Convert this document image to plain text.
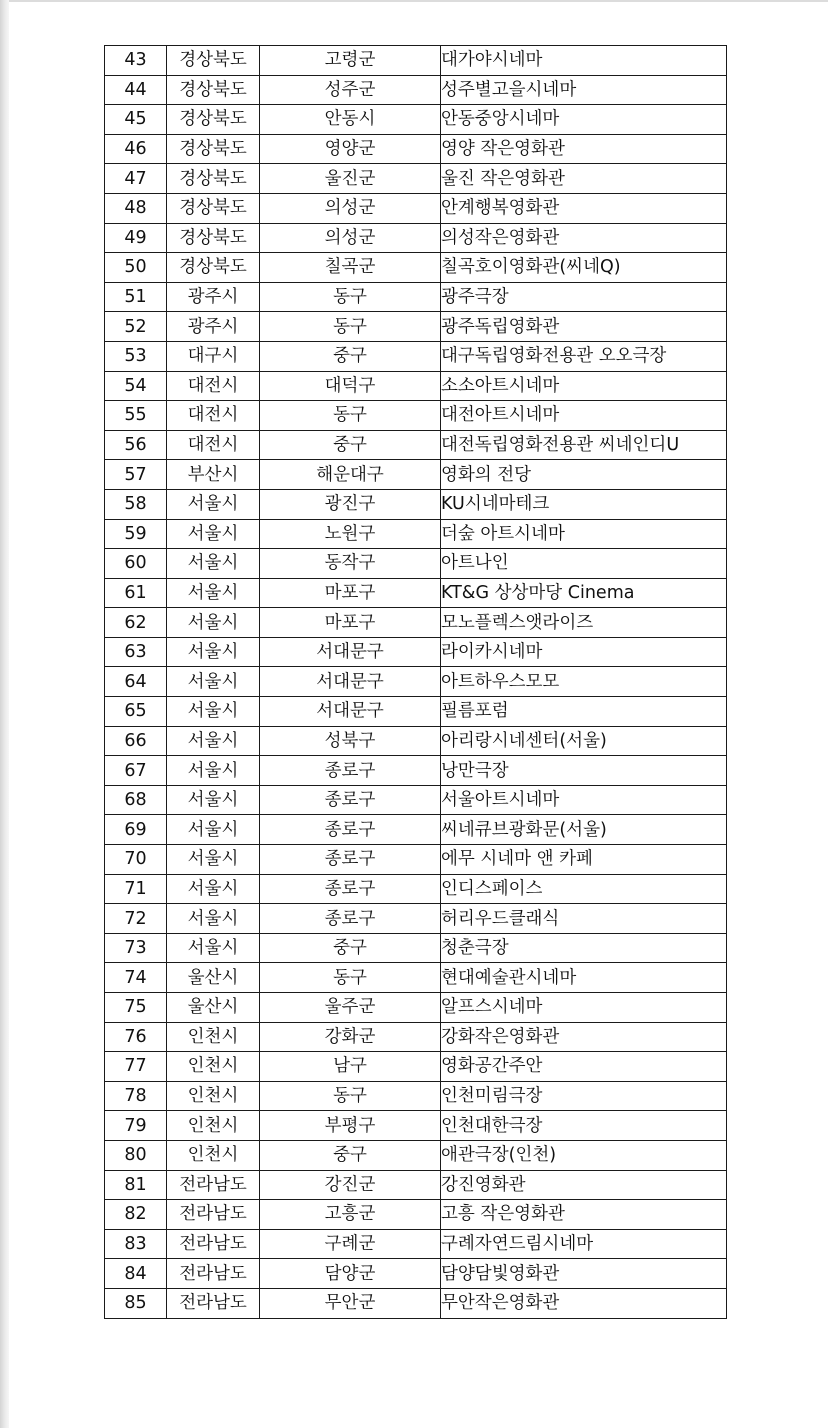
43	경상북도	고령군	대가야시네마
44	경상북도	성주군	성주별고을시네마
45	경상북도	안동시	안동중앙시네마
46	경상북도	영양군	영양 작은영화관
47	경상북도	울진군	울진 작은영화관
48	경상북도	의성군	안계행복영화관
49	경상북도	의성군	의성작은영화관
50	경상북도	칠곡군	칠곡호이영화관(씨네Q)
51	광주시	동구	광주극장
52	광주시	동구	광주독립영화관
53	대구시	중구	대구독립영화전용관 오오극장
54	대전시	대덕구	소소아트시네마
55	대전시	동구	대전아트시네마
56	대전시	중구	대전독립영화전용관 씨네인디U
57	부산시	해운대구	영화의 전당
58	서울시	광진구	KU시네마테크
59	서울시	노원구	더숲 아트시네마
60	서울시	동작구	아트나인
61	서울시	마포구	KT&G 상상마당 Cinema
62	서울시	마포구	모노플렉스앳라이즈
63	서울시	서대문구	라이카시네마
64	서울시	서대문구	아트하우스모모
65	서울시	서대문구	필름포럼
66	서울시	성북구	아리랑시네센터(서울)
67	서울시	종로구	낭만극장
68	서울시	종로구	서울아트시네마
69	서울시	종로구	씨네큐브광화문(서울)
70	서울시	종로구	에무 시네마 앤 카페
71	서울시	종로구	인디스페이스
72	서울시	종로구	허리우드클래식
73	서울시	중구	청춘극장
74	울산시	동구	현대예술관시네마
75	울산시	울주군	알프스시네마
76	인천시	강화군	강화작은영화관
77	인천시	남구	영화공간주안
78	인천시	동구	인천미림극장
79	인천시	부평구	인천대한극장
80	인천시	중구	애관극장(인천)
81	전라남도	강진군	강진영화관
82	전라남도	고흥군	고흥 작은영화관
83	전라남도	구례군	구례자연드림시네마
84	전라남도	담양군	담양담빛영화관
85	전라남도	무안군	무안작은영화관
